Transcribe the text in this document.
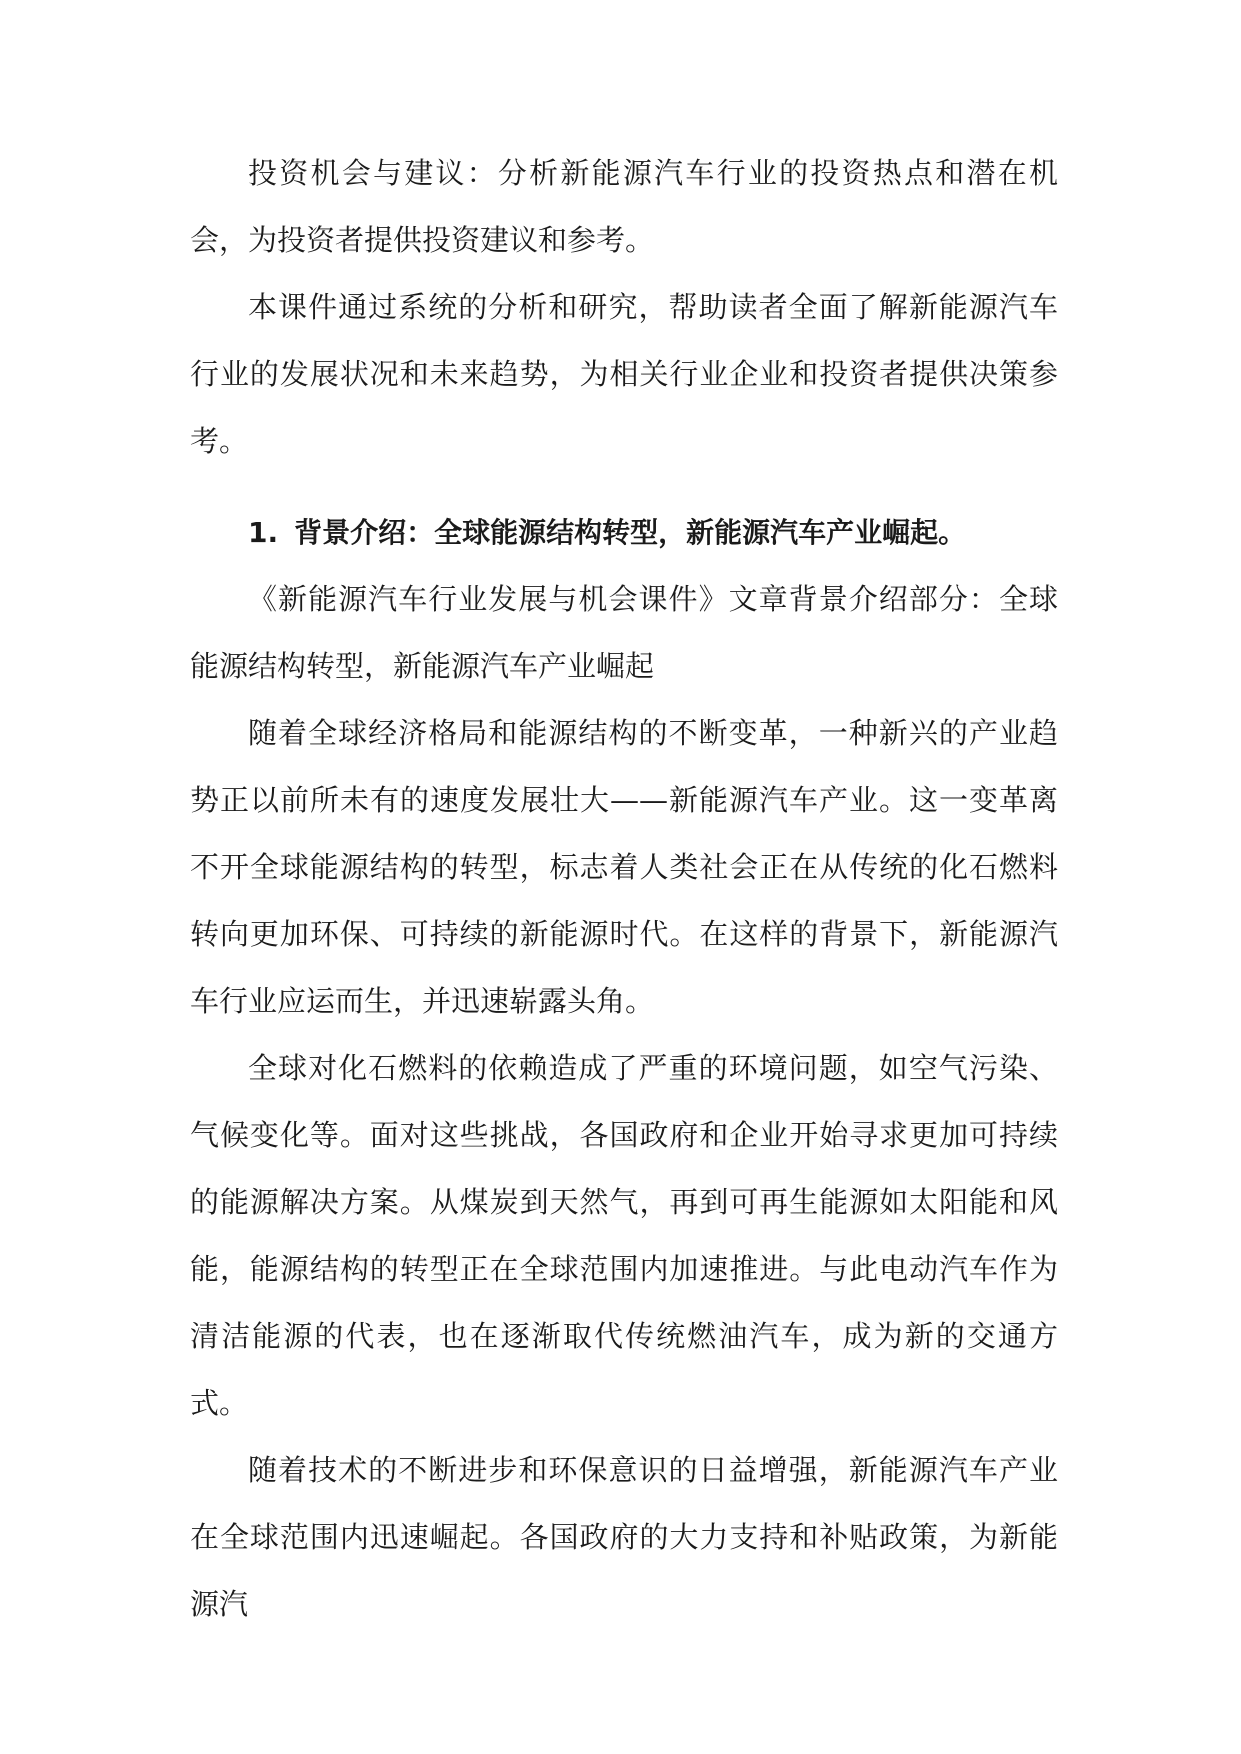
投资机会与建议：分析新能源汽车行业的投资热点和潜在机会，为投资者提供投资建议和参考。

本课件通过系统的分析和研究，帮助读者全面了解新能源汽车行业的发展状况和未来趋势，为相关行业企业和投资者提供决策参考。

1. 背景介绍：全球能源结构转型，新能源汽车产业崛起。

《新能源汽车行业发展与机会课件》文章背景介绍部分：全球能源结构转型，新能源汽车产业崛起

随着全球经济格局和能源结构的不断变革，一种新兴的产业趋势正以前所未有的速度发展壮大——新能源汽车产业。这一变革离不开全球能源结构的转型，标志着人类社会正在从传统的化石燃料转向更加环保、可持续的新能源时代。在这样的背景下，新能源汽车行业应运而生，并迅速崭露头角。

全球对化石燃料的依赖造成了严重的环境问题，如空气污染、气候变化等。面对这些挑战，各国政府和企业开始寻求更加可持续的能源解决方案。从煤炭到天然气，再到可再生能源如太阳能和风能，能源结构的转型正在全球范围内加速推进。与此电动汽车作为清洁能源的代表，也在逐渐取代传统燃油汽车，成为新的交通方式。

随着技术的不断进步和环保意识的日益增强，新能源汽车产业在全球范围内迅速崛起。各国政府的大力支持和补贴政策，为新能源汽
